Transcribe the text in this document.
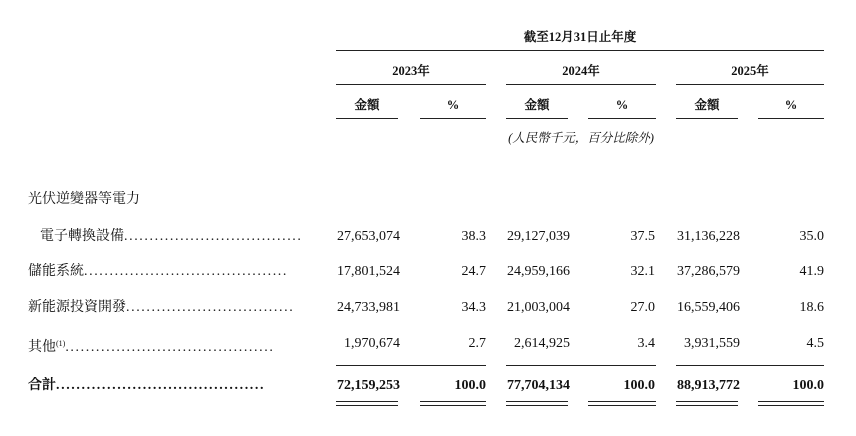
截至12月31日止年度
2023年	2024年	2025年
金額	%	金額	%	金額	%
(人民幣千元，百分比除外)
光伏逆變器等電力
電子轉換設備...................................	27,653,074	38.3	29,127,039	37.5	31,136,228	35.0
儲能系統........................................	17,801,524	24.7	24,959,166	32.1	37,286,579	41.9
新能源投資開發.................................	24,733,981	34.3	21,003,004	27.0	16,559,406	18.6
其他$^{(1)}$.........................................	1,970,674	2.7	2,614,925	3.4	3,931,559	4.5
合計.........................................	72,159,253	100.0	77,704,134	100.0	88,913,772	100.0
